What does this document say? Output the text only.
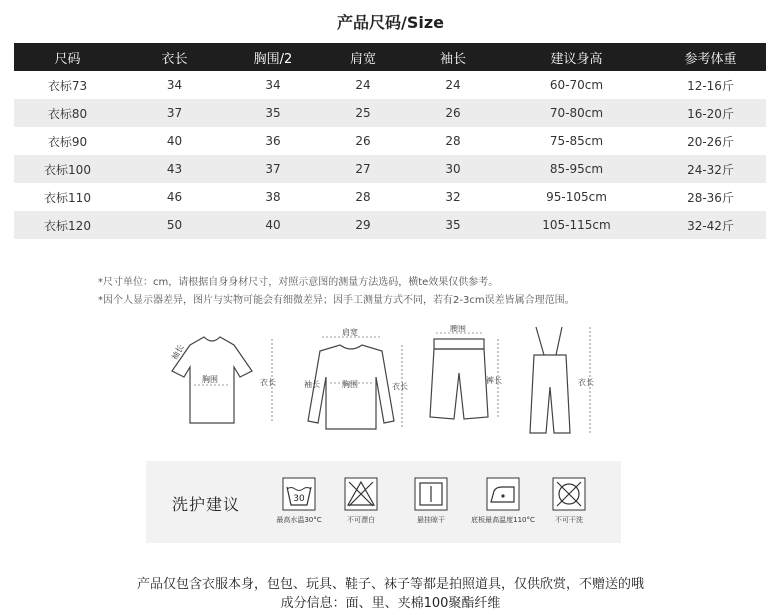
产品尺码/Size
尺码	衣长	胸围/2	肩宽	袖长	建议身高	参考体重
衣标73	34	34	24	24	60-70cm	12-16斤
衣标80	37	35	25	26	70-80cm	16-20斤
衣标90	40	36	26	28	75-85cm	20-26斤
衣标100	43	37	27	30	85-95cm	24-32斤
衣标110	46	38	28	32	95-105cm	28-36斤
衣标120	50	40	29	35	105-115cm	32-42斤
*尺寸单位：cm，请根据自身身材尺寸，对照示意图的测量方法选码，横te效果仅供参考。
*因个人显示器差异，图片与实物可能会有细微差异；因手工测量方式不同，若有2-3cm误差皆属合理范围。
胸围
袖长
衣长
肩宽
胸围
袖长	衣长
腰围
裤长	衣长
洗护建议	30
最高水温30°C	不可漂白	悬挂晾干	底板最高温度110°C	不可干洗
产品仅包含衣服本身，包包、玩具、鞋子、袜子等都是拍照道具，仅供欣赏，不赠送的哦
成分信息：面、里、夹棉100聚酯纤维
